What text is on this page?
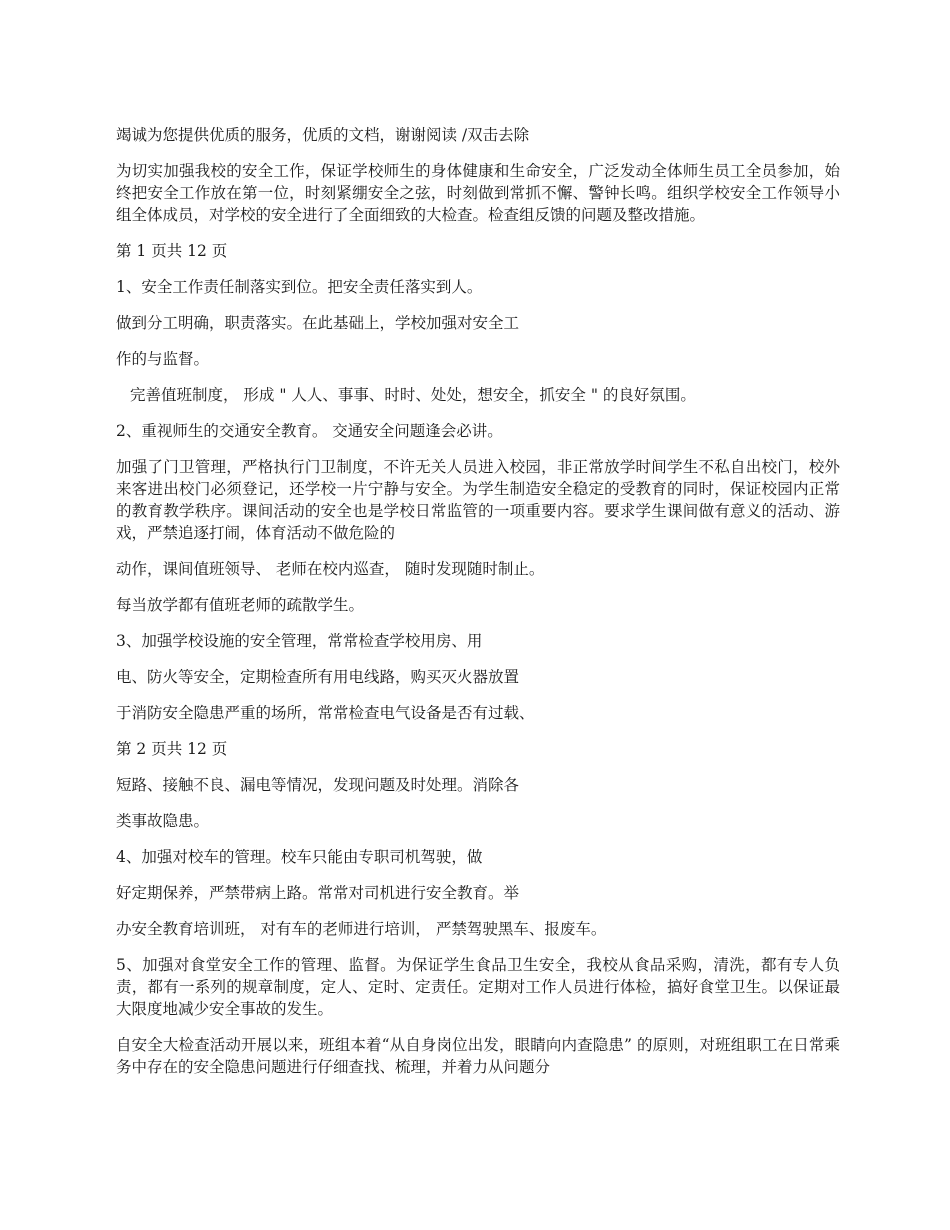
竭诚为您提供优质的服务，优质的文档，谢谢阅读 /双击去除

为切实加强我校的安全工作，保证学校师生的身体健康和生命安全，广泛发动全体师生员工全员参加，始终把安全工作放在第一位，时刻紧绷安全之弦，时刻做到常抓不懈、警钟长鸣。组织学校安全工作领导小组全体成员，对学校的安全进行了全面细致的大检查。检查组反馈的问题及整改措施。

第 1 页共 12 页

1、安全工作责任制落实到位。把安全责任落实到人。

做到分工明确，职责落实。在此基础上，学校加强对安全工

作的与监督。

完善值班制度， 形成 " 人人、事事、时时、处处，想安全，抓安全 " 的良好氛围。

2、重视师生的交通安全教育。 交通安全问题逢会必讲。

加强了门卫管理，严格执行门卫制度，不许无关人员进入校园，非正常放学时间学生不私自出校门，校外来客进出校门必须登记，还学校一片宁静与安全。为学生制造安全稳定的受教育的同时，保证校园内正常的教育教学秩序。课间活动的安全也是学校日常监管的一项重要内容。要求学生课间做有意义的活动、游戏，严禁追逐打闹，体育活动不做危险的

动作，课间值班领导、 老师在校内巡查， 随时发现随时制止。

每当放学都有值班老师的疏散学生。

3、加强学校设施的安全管理，常常检查学校用房、用

电、防火等安全，定期检查所有用电线路，购买灭火器放置

于消防安全隐患严重的场所，常常检查电气设备是否有过载、

第 2 页共 12 页

短路、接触不良、漏电等情况，发现问题及时处理。消除各

类事故隐患。

4、加强对校车的管理。校车只能由专职司机驾驶，做

好定期保养，严禁带病上路。常常对司机进行安全教育。举

办安全教育培训班， 对有车的老师进行培训， 严禁驾驶黑车、报废车。

5、加强对食堂安全工作的管理、监督。为保证学生食品卫生安全，我校从食品采购，清洗，都有专人负责，都有一系列的规章制度，定人、定时、定责任。定期对工作人员进行体检，搞好食堂卫生。以保证最大限度地减少安全事故的发生。

自安全大检查活动开展以来，班组本着“从自身岗位出发，眼睛向内查隐患” 的原则，对班组职工在日常乘务中存在的安全隐患问题进行仔细查找、梳理，并着力从问题分
